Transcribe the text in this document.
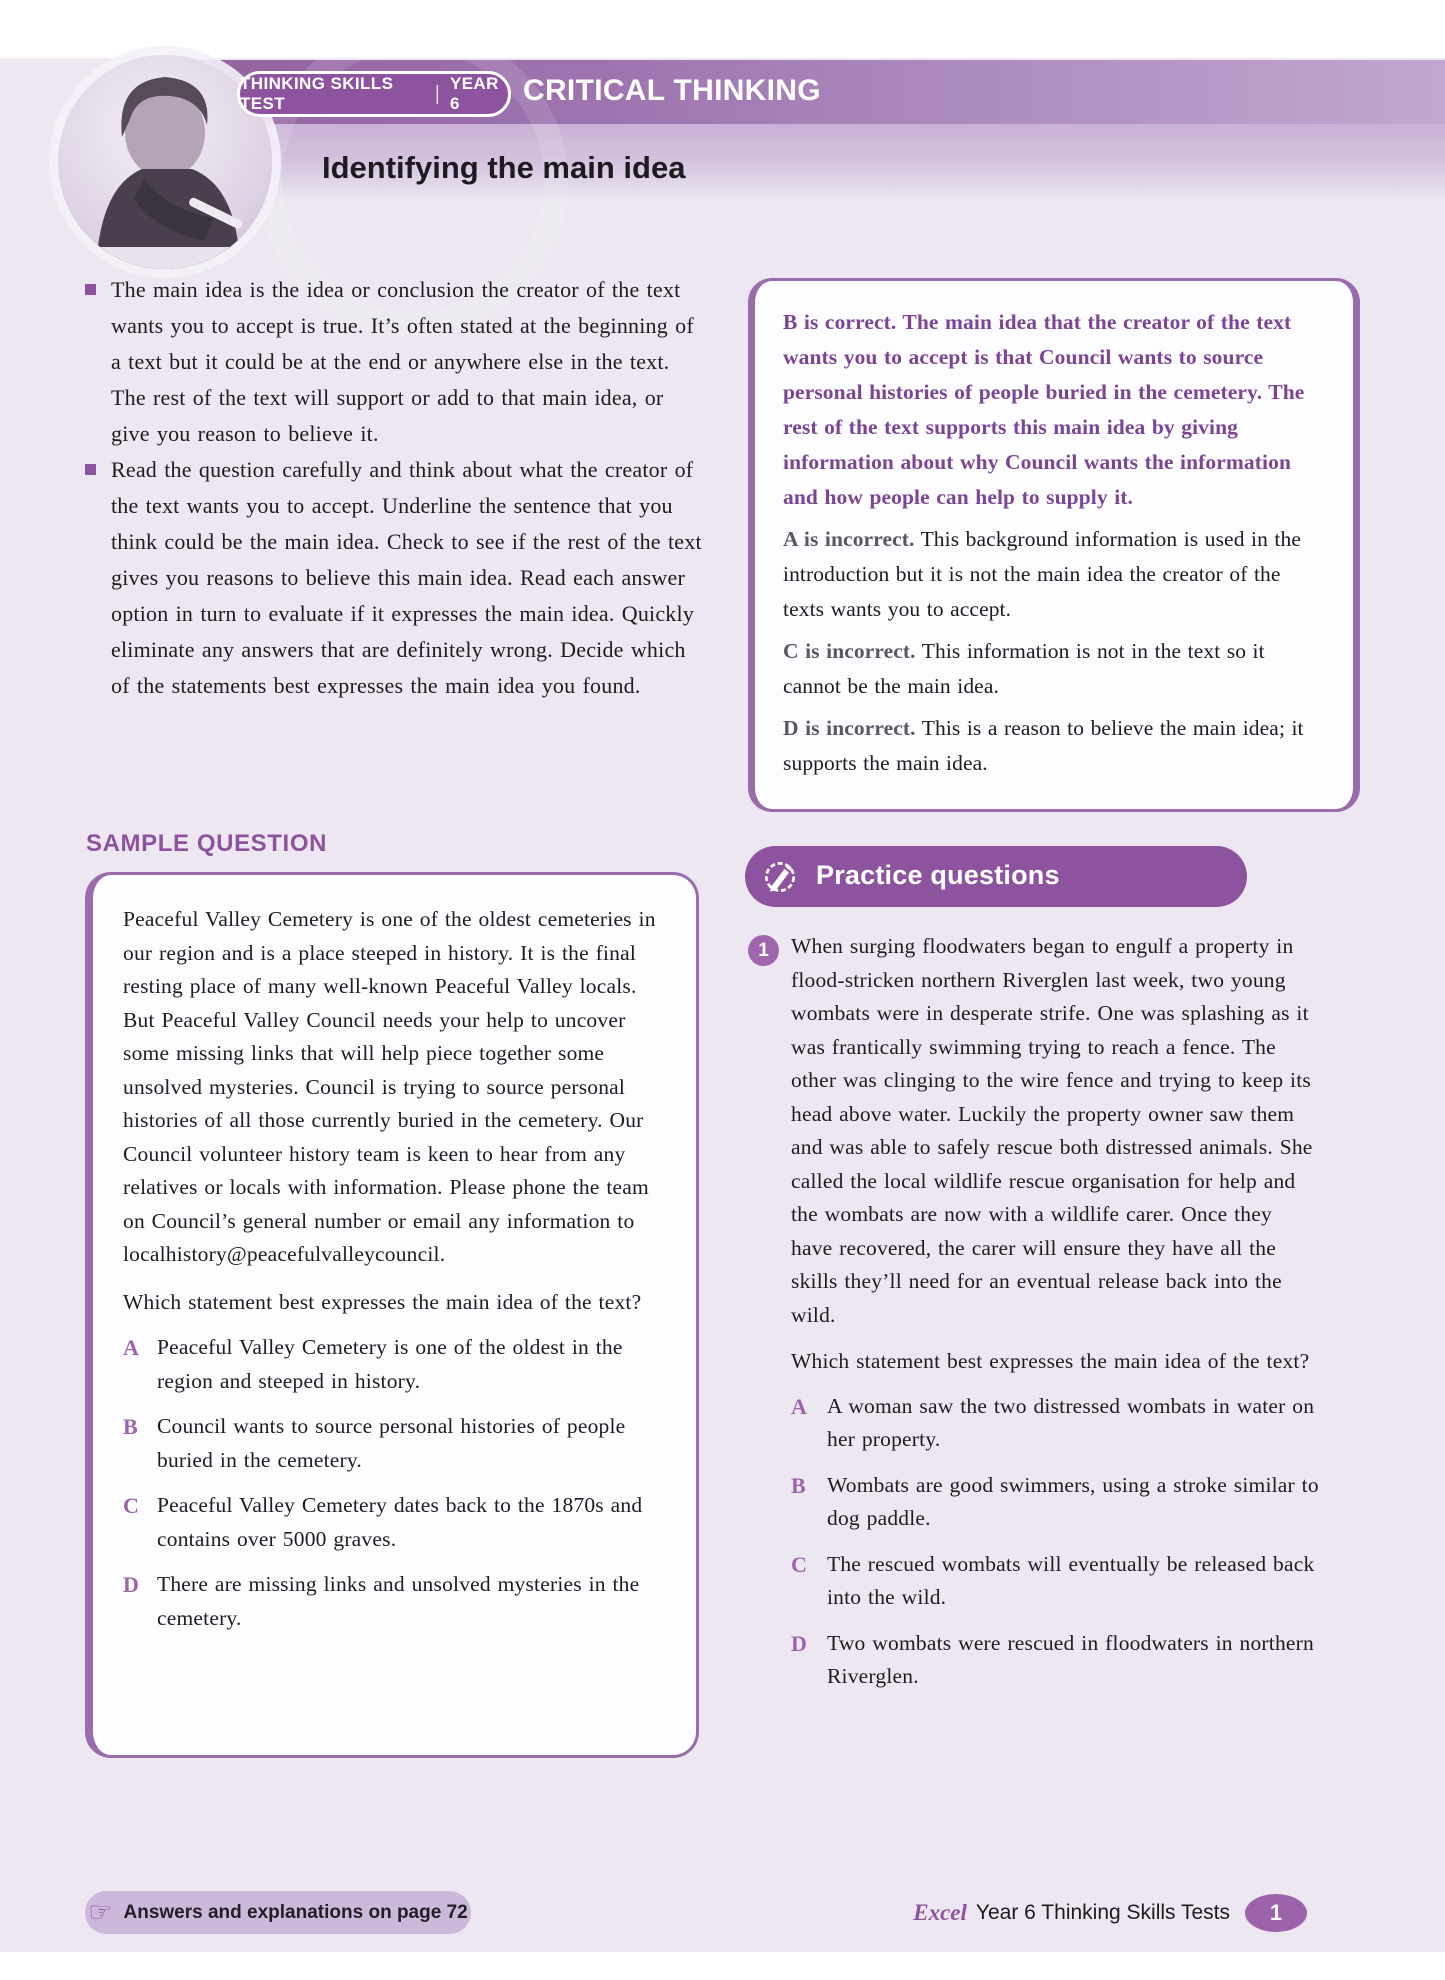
THINKING SKILLS TEST	| YEAR 6	CRITICAL THINKING
Identifying the main idea

The main idea is the idea or conclusion the creator of the text wants you to accept is true. It’s often stated at the beginning of a text but it could be at the end or anywhere else in the text. The rest of the text will support or add to that main idea, or give you reason to believe it.

Read the question carefully and think about what the creator of the text wants you to accept. Underline the sentence that you think could be the main idea. Check to see if the rest of the text gives you reasons to believe this main idea. Read each answer option in turn to evaluate if it expresses the main idea. Quickly eliminate any answers that are definitely wrong. Decide which of the statements best expresses the main idea you found.

SAMPLE QUESTION

Peaceful Valley Cemetery is one of the oldest cemeteries in our region and is a place steeped in history. It is the final resting place of many well-known Peaceful Valley locals. But Peaceful Valley Council needs your help to uncover some missing links that will help piece together some unsolved mysteries. Council is trying to source personal histories of all those currently buried in the cemetery. Our Council volunteer history team is keen to hear from any relatives or locals with information. Please phone the team on Council’s general number or email any information to localhistory@peacefulvalleycouncil.

Which statement best expresses the main idea of the text?

A Peaceful Valley Cemetery is one of the oldest in the region and steeped in history.
B Council wants to source personal histories of people buried in the cemetery.
C Peaceful Valley Cemetery dates back to the 1870s and contains over 5000 graves.
D There are missing links and unsolved mysteries in the cemetery.

B is correct. The main idea that the creator of the text wants you to accept is that Council wants to source personal histories of people buried in the cemetery. The rest of the text supports this main idea by giving information about why Council wants the information and how people can help to supply it.

A is incorrect. This background information is used in the introduction but it is not the main idea the creator of the texts wants you to accept.

C is incorrect. This information is not in the text so it cannot be the main idea.

D is incorrect. This is a reason to believe the main idea; it supports the main idea.

Practice questions
1	When surging floodwaters began to engulf a property in flood-stricken northern Riverglen last week, two young wombats were in desperate strife. One was splashing as it was frantically swimming trying to reach a fence. The other was clinging to the wire fence and trying to keep its head above water. Luckily the property owner saw them and was able to safely rescue both distressed animals. She called the local wildlife rescue organisation for help and the wombats are now with a wildlife carer. Once they have recovered, the carer will ensure they have all the skills they’ll need for an eventual release back into the wild.

Which statement best expresses the main idea of the text?

A A woman saw the two distressed wombats in water on her property.
B Wombats are good swimmers, using a stroke similar to dog paddle.
C The rescued wombats will eventually be released back into the wild.
D Two wombats were rescued in floodwaters in northern Riverglen.
☞ Answers and explanations on page 72	Excel Year 6 Thinking Skills Tests	1
